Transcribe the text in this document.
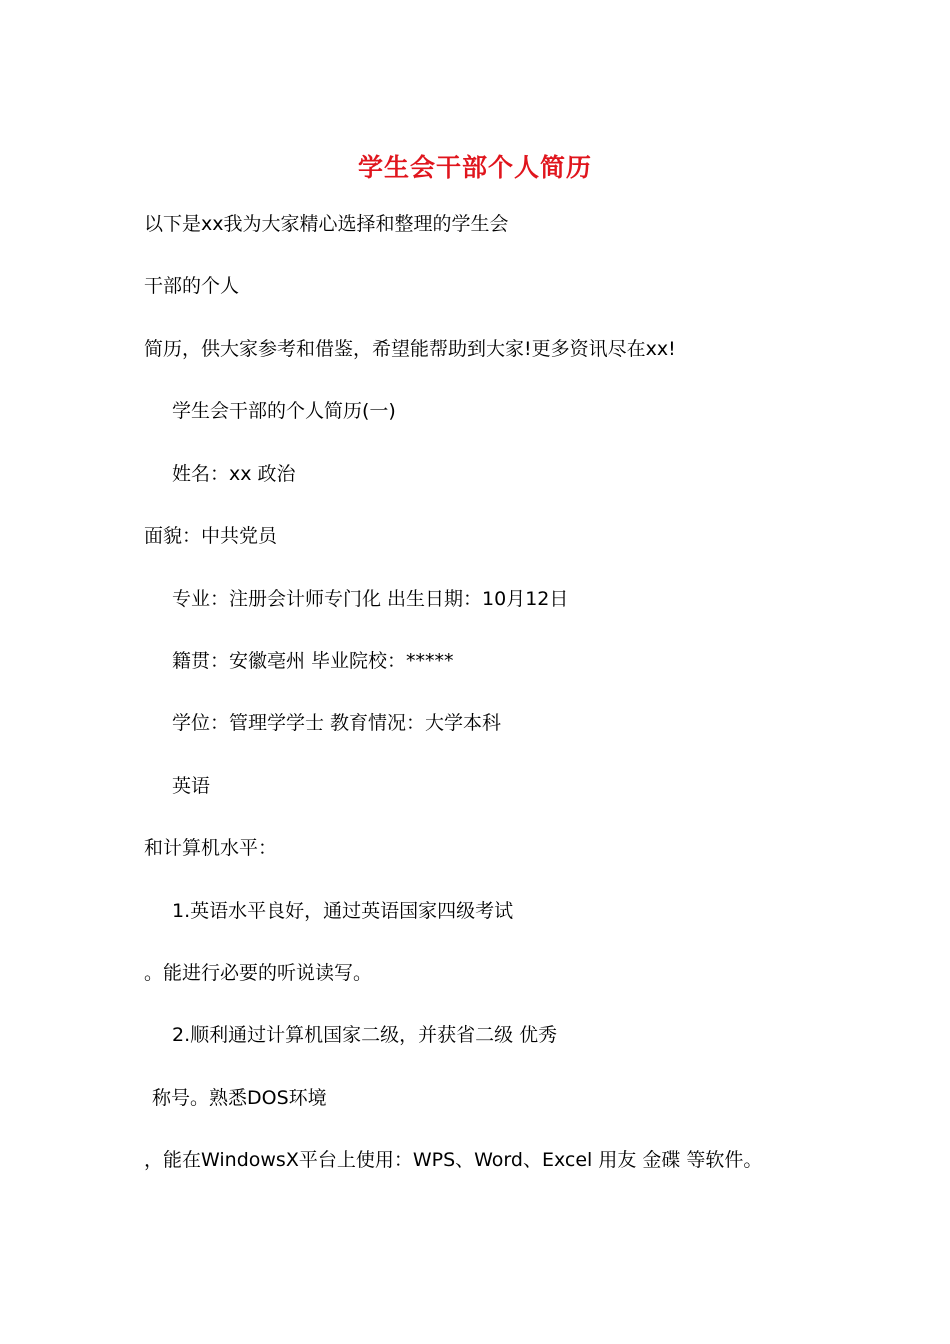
学生会干部个人简历
以下是xx我为大家精心选择和整理的学生会
干部的个人
简历，供大家参考和借鉴，希望能帮助到大家!更多资讯尽在xx!
学生会干部的个人简历(一)
姓名：xx 政治
面貌：中共党员
专业：注册会计师专门化 出生日期：10月12日
籍贯：安徽亳州 毕业院校：*****
学位：管理学学士 教育情况：大学本科
英语
和计算机水平：
1.英语水平良好，通过英语国家四级考试
。能进行必要的听说读写。
2.顺利通过计算机国家二级，并获省二级 优秀
称号。熟悉DOS环境
，能在WindowsX平台上使用：WPS、Word、Excel 用友 金碟 等软件。
